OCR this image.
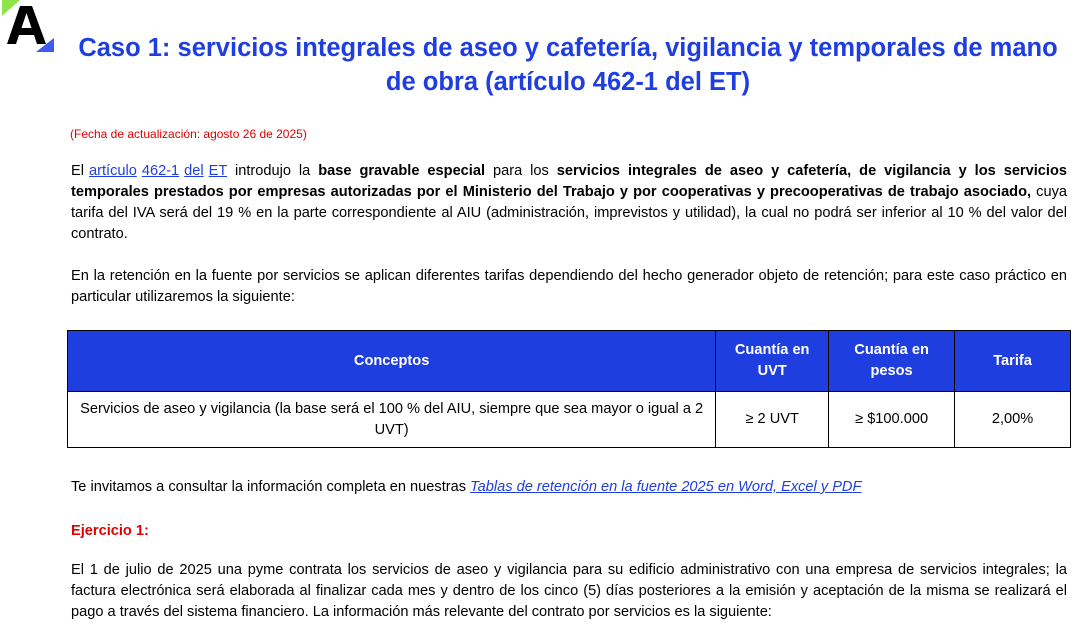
Caso 1: servicios integrales de aseo y cafetería, vigilancia y temporales de mano de obra (artículo 462-1 del ET)
(Fecha de actualización: agosto 26 de 2025)
El artículo 462-1 del ET introdujo la base gravable especial para los servicios integrales de aseo y cafetería, de vigilancia y los servicios temporales prestados por empresas autorizadas por el Ministerio del Trabajo y por cooperativas y precooperativas de trabajo asociado, cuya tarifa del IVA será del 19 % en la parte correspondiente al AIU (administración, imprevistos y utilidad), la cual no podrá ser inferior al 10 % del valor del contrato.
En la retención en la fuente por servicios se aplican diferentes tarifas dependiendo del hecho generador objeto de retención; para este caso práctico en particular utilizaremos la siguiente:
Conceptos	Cuantía en UVT	Cuantía en pesos	Tarifa
Servicios de aseo y vigilancia (la base será el 100 % del AIU, siempre que sea mayor o igual a 2 UVT)	≥ 2 UVT	≥ $100.000	2,00%
Te invitamos a consultar la información completa en nuestras Tablas de retención en la fuente 2025 en Word, Excel y PDF
Ejercicio 1:
El 1 de julio de 2025 una pyme contrata los servicios de aseo y vigilancia para su edificio administrativo con una empresa de servicios integrales; la factura electrónica será elaborada al finalizar cada mes y dentro de los cinco (5) días posteriores a la emisión y aceptación de la misma se realizará el pago a través del sistema financiero. La información más relevante del contrato por servicios es la siguiente:
